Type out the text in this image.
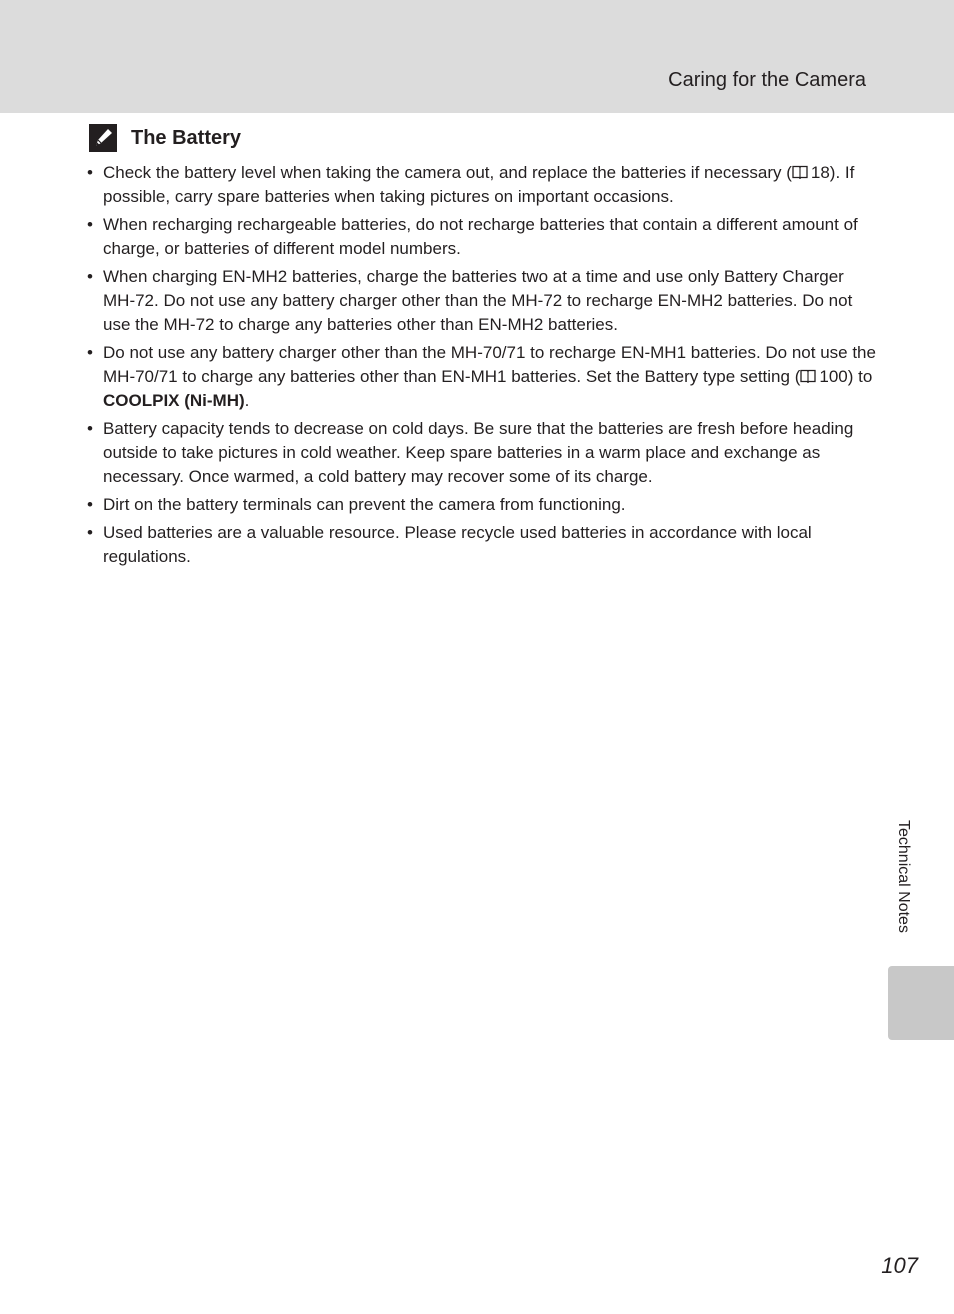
Caring for the Camera
The Battery
• Check the battery level when taking the camera out, and replace the batteries if necessary ( 18). If possible, carry spare batteries when taking pictures on important occasions.
• When recharging rechargeable batteries, do not recharge batteries that contain a different amount of charge, or batteries of different model numbers.
• When charging EN-MH2 batteries, charge the batteries two at a time and use only Battery Charger MH-72. Do not use any battery charger other than the MH-72 to recharge EN-MH2 batteries. Do not use the MH-72 to charge any batteries other than EN-MH2 batteries.
• Do not use any battery charger other than the MH-70/71 to recharge EN-MH1 batteries. Do not use the MH-70/71 to charge any batteries other than EN-MH1 batteries. Set the Battery type setting ( 100) to COOLPIX (Ni-MH).
• Battery capacity tends to decrease on cold days. Be sure that the batteries are fresh before heading outside to take pictures in cold weather. Keep spare batteries in a warm place and exchange as necessary. Once warmed, a cold battery may recover some of its charge.
• Dirt on the battery terminals can prevent the camera from functioning.
• Used batteries are a valuable resource. Please recycle used batteries in accordance with local regulations.
Technical Notes
107
